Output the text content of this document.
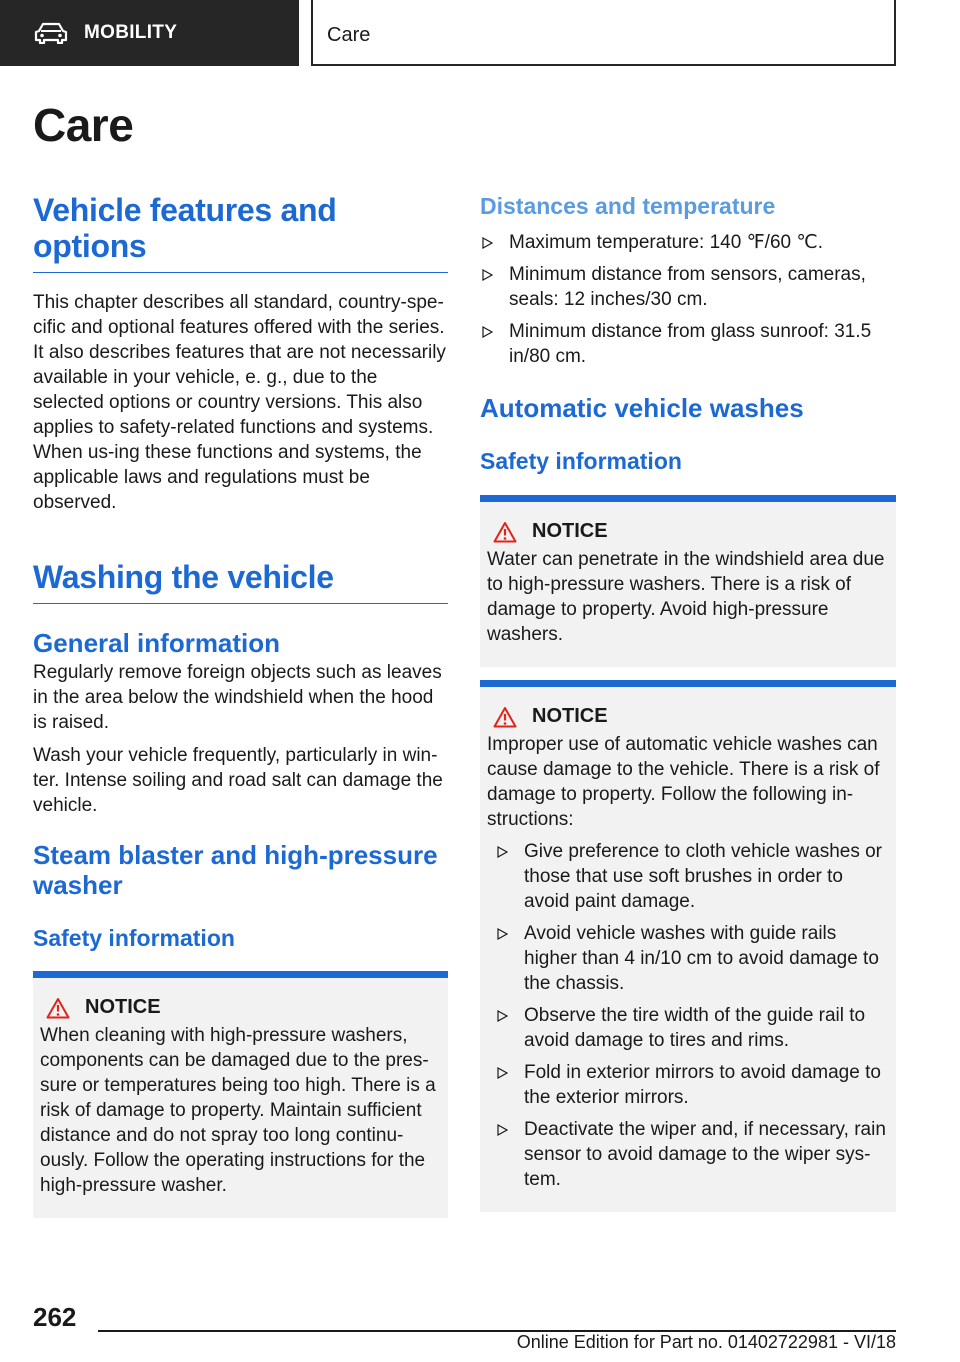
MOBILITY	Care
Care
Vehicle features and options

This chapter describes all standard, country-spe-cific and optional features offered with the series. It also describes features that are not necessarily available in your vehicle, e. g., due to the selected options or country versions. This also applies to safety-related functions and systems. When us-ing these functions and systems, the applicable laws and regulations must be observed.

Washing the vehicle
General information

Regularly remove foreign objects such as leaves in the area below the windshield when the hood is raised.

Wash your vehicle frequently, particularly in win-ter. Intense soiling and road salt can damage the vehicle.

Steam blaster and high-pressure washer
Safety information
NOTICE

When cleaning with high-pressure washers, components can be damaged due to the pres-sure or temperatures being too high. There is a risk of damage to property. Maintain sufficient distance and do not spray too long continu-ously. Follow the operating instructions for the high-pressure washer.

Distances and temperature
Maximum temperature: 140 ℉/60 ℃.
Minimum distance from sensors, cameras, seals: 12 inches/30 cm.
Minimum distance from glass sunroof: 31.5 in/80 cm.
Automatic vehicle washes
Safety information
NOTICE

Water can penetrate in the windshield area due to high-pressure washers. There is a risk of damage to property. Avoid high-pressure washers.

NOTICE

Improper use of automatic vehicle washes can cause damage to the vehicle. There is a risk of damage to property. Follow the following in-structions:

Give preference to cloth vehicle washes or those that use soft brushes in order to avoid paint damage.
Avoid vehicle washes with guide rails higher than 4 in/10 cm to avoid damage to the chassis.
Observe the tire width of the guide rail to avoid damage to tires and rims.
Fold in exterior mirrors to avoid damage to the exterior mirrors.
Deactivate the wiper and, if necessary, rain sensor to avoid damage to the wiper sys-tem.
262
Online Edition for Part no. 01402722981 - VI/18
